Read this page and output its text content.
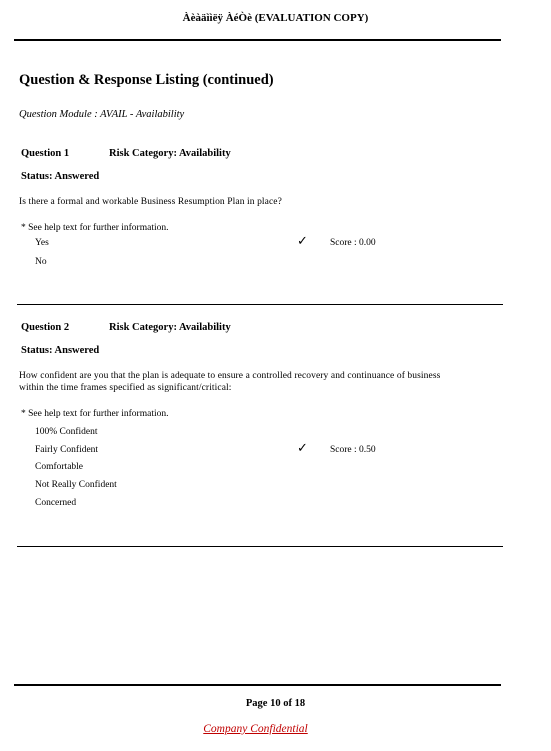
Àèàäììëÿ ÀéÒè (EVALUATION COPY)
Question & Response Listing (continued)
Question Module : AVAIL - Availability
Question 1	Risk Category: Availability
Status: Answered
Is there a formal and workable Business Resumption Plan in place?
* See help text for further information.
Yes
No
✓ Score : 0.00
Question 2	Risk Category: Availability
Status: Answered
How confident are you that the plan is adequate to ensure a controlled recovery and continuance of business within the time frames specified as significant/critical:
* See help text for further information.
100% Confident
Fairly Confident
Comfortable
Not Really Confident
Concerned
✓ Score : 0.50
Page 10 of 18
Company Confidential
